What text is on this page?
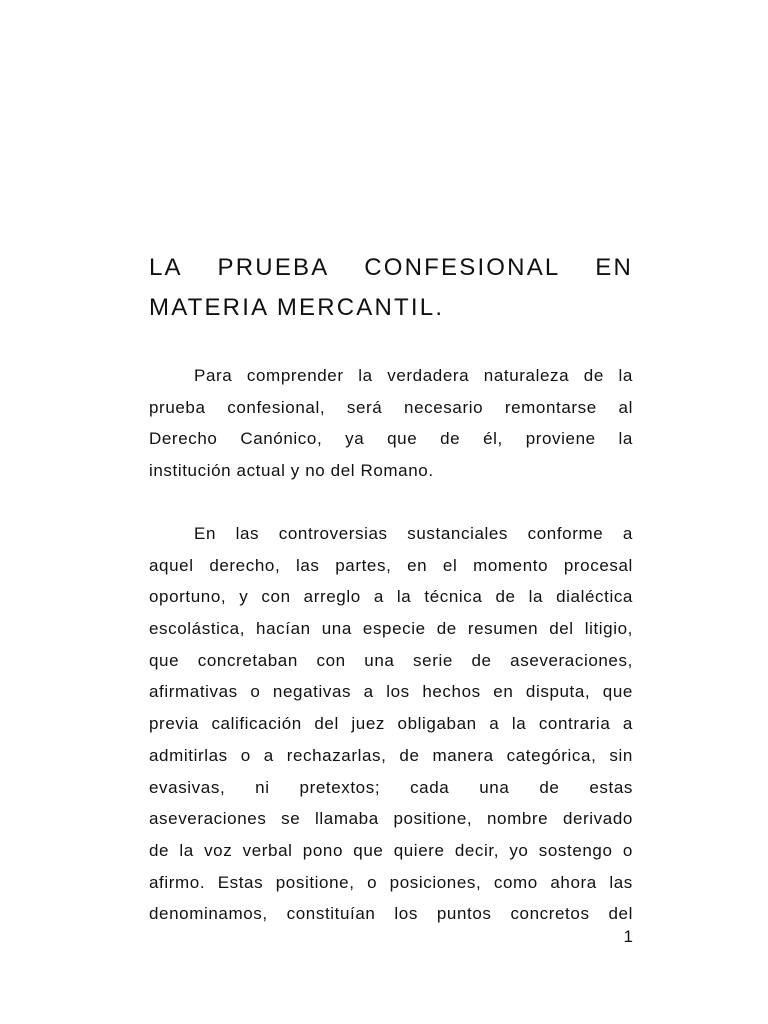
LA PRUEBA CONFESIONAL EN
MATERIA MERCANTIL.
Para comprender la verdadera naturaleza de la
prueba confesional, será necesario remontarse al
Derecho Canónico, ya que de él, proviene la
institución actual y no del Romano.
En las controversias sustanciales conforme a
aquel derecho, las partes, en el momento procesal
oportuno, y con arreglo a la técnica de la dialéctica
escolástica, hacían una especie de resumen del litigio,
que concretaban con una serie de aseveraciones,
afirmativas o negativas a los hechos en disputa, que
previa calificación del juez obligaban a la contraria a
admitirlas o a rechazarlas, de manera categórica, sin
evasivas, ni pretextos; cada una de estas
aseveraciones se llamaba positione, nombre derivado
de la voz verbal pono que quiere decir, yo sostengo o
afirmo. Estas positione, o posiciones, como ahora las
denominamos, constituían los puntos concretos del
1
